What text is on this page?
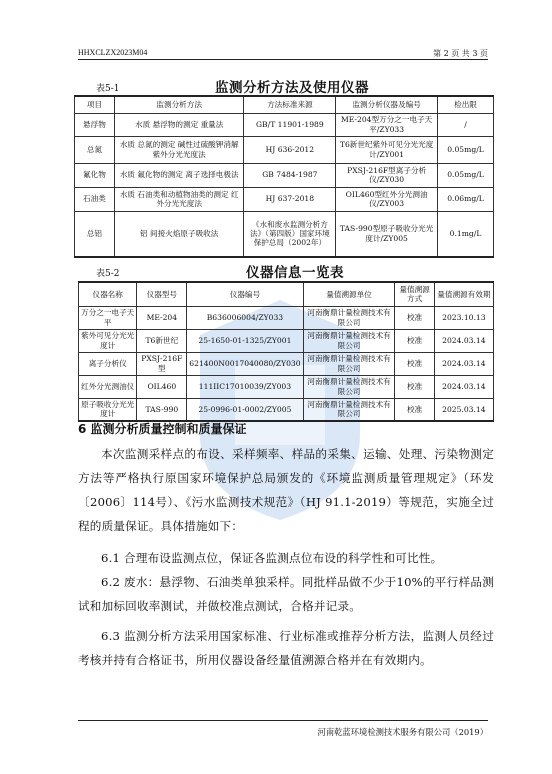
HHXCLZX2023M04	第 2 页 共 3 页
表5-1	监测分析方法及使用仪器
项目	监测分析方法	方法标准来源	监测分析仪器及编号	检出限
悬浮物	水质 悬浮物的测定 重量法	GB/T 11901-1989	ME-204型万分之一电子天平/ZY033	/
总氮	水质 总氮的测定 碱性过硫酸钾消解紫外分光光度法	HJ 636-2012	T6新世纪紫外可见分光光度计/ZY001	0.05mg/L
氟化物	水质 氟化物的测定 离子选择电极法	GB 7484-1987	PXSJ-216F型离子分析仪/ZY030	0.05mg/L
石油类	水质 石油类和动植物油类的测定 红外分光光度法	HJ 637-2018	OIL460型红外分光测油仪/ZY003	0.06mg/L
总铝	铝 间接火焰原子吸收法	《水和废水监测分析方法》（第四版）国家环境保护总局（2002年）	TAS-990型原子吸收分光光度计/ZY005	0.1mg/L
表5-2	仪器信息一览表
仪器名称	仪器型号	仪器编号	量值溯源单位	量值溯源方式	量值溯源有效期
万分之一电子天平	ME-204	B636006004/ZY033	河南衡鼎计量检测技术有限公司	校准	2023.10.13
紫外可见分光光度计	T6新世纪	25-1650-01-1325/ZY001	河南衡鼎计量检测技术有限公司	校准	2024.03.14
离子分析仪	PXSJ-216F型	621400N0017040080/ZY030	河南衡鼎计量检测技术有限公司	校准	2024.03.14
红外分光测油仪	OIL460	111IIC17010039/ZY003	河南衡鼎计量检测技术有限公司	校准	2024.03.14
原子吸收分光光度计	TAS-990	25-0996-01-0002/ZY005	河南衡鼎计量检测技术有限公司	校准	2025.03.14
6 监测分析质量控制和质量保证

本次监测采样点的布设、采样频率、样品的采集、运输、处理、污染物测定方法等严格执行原国家环境保护总局颁发的《环境监测质量管理规定》（环发〔2006〕114号）、《污水监测技术规范》（HJ 91.1-2019）等规范，实施全过程的质量保证。具体措施如下：

6.1 合理布设监测点位，保证各监测点位布设的科学性和可比性。

6.2 废水：悬浮物、石油类单独采样。同批样品做不少于10%的平行样品测试和加标回收率测试，并做校准点测试，合格并记录。

6.3 监测分析方法采用国家标准、行业标准或推荐分析方法，监测人员经过考核并持有合格证书，所用仪器设备经量值溯源合格并在有效期内。

河南乾蓝环境检测技术服务有限公司（2019）
